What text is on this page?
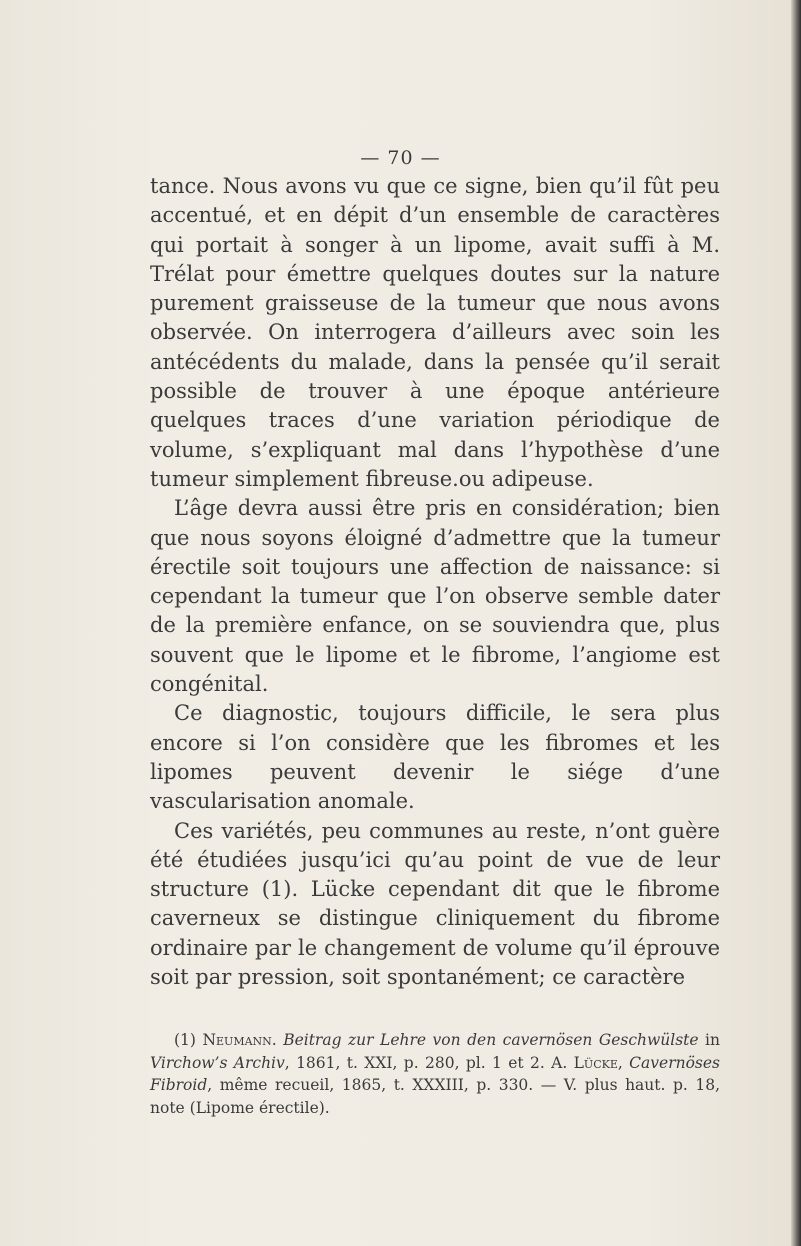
— 70 —

tance. Nous avons vu que ce signe, bien qu’il fût peu accentué, et en dépit d’un ensemble de caractères qui portait à songer à un lipome, avait suffi à M. Trélat pour émettre quelques doutes sur la nature purement graisseuse de la tumeur que nous avons observée. On interrogera d’ailleurs avec soin les antécédents du malade, dans la pensée qu’il serait possible de trouver à une époque antérieure quelques traces d’une variation périodique de volume, s’expliquant mal dans l’hypothèse d’une tumeur simplement fibreuse.ou adipeuse.

L’âge devra aussi être pris en considération; bien que nous soyons éloigné d’admettre que la tumeur érectile soit toujours une affection de naissance: si cependant la tumeur que l’on observe semble dater de la première enfance, on se souviendra que, plus souvent que le lipome et le fibrome, l’angiome est congénital.

Ce diagnostic, toujours difficile, le sera plus encore si l’on considère que les fibromes et les lipomes peuvent devenir le siége d’une vascularisation anomale.

Ces variétés, peu communes au reste, n’ont guère été étudiées jusqu’ici qu’au point de vue de leur structure (1). Lücke cependant dit que le fibrome caverneux se distingue cliniquement du fibrome ordinaire par le changement de volume qu’il éprouve soit par pression, soit spontanément; ce caractère

(1) Neumann. Beitrag zur Lehre von den cavernösen Geschwülste in Virchow’s Archiv, 1861, t. XXI, p. 280, pl. 1 et 2. A. Lücke, Cavernöses Fibroid, même recueil, 1865, t. XXXIII, p. 330. — V. plus haut. p. 18, note (Lipome érectile).
